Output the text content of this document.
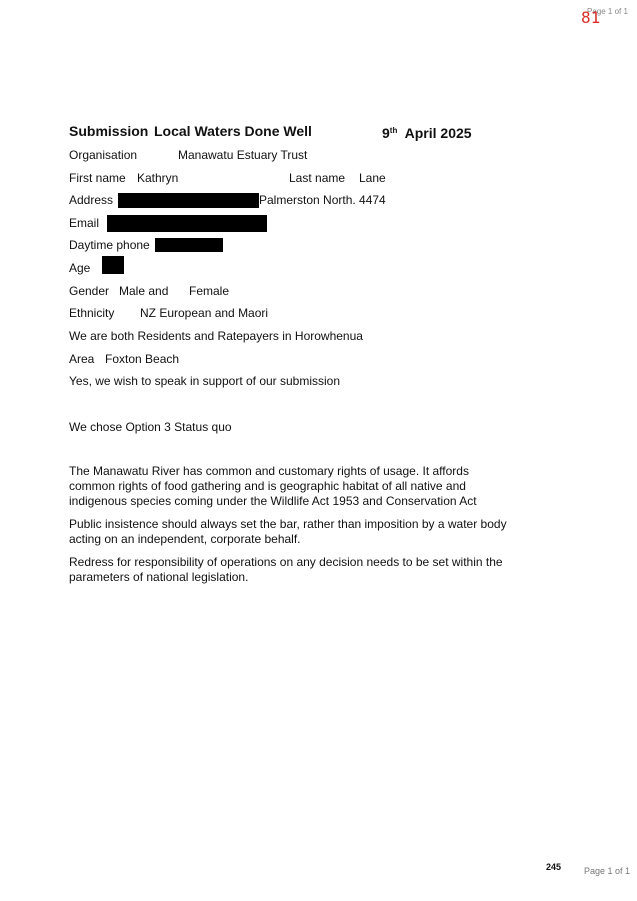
Page 1 of 1
81
Submission Local Waters Done Well	9th April 2025
Organisation	Manawatu Estuary Trust
First name Kathryn	Last name Lane
Address	Palmerston North. 4474
Email
Daytime phone
Age
Gender Male and Female
Ethnicity NZ European and Maori
We are both Residents and Ratepayers in Horowhenua
Area Foxton Beach
Yes, we wish to speak in support of our submission
We chose Option 3 Status quo
The Manawatu River has common and customary rights of usage. It affords common rights of food gathering and is geographic habitat of all native and indigenous species coming under the Wildlife Act 1953 and Conservation Act
Public insistence should always set the bar, rather than imposition by a water body acting on an independent, corporate behalf.
Redress for responsibility of operations on any decision needs to be set within the parameters of national legislation.
245	Page 1 of 1
